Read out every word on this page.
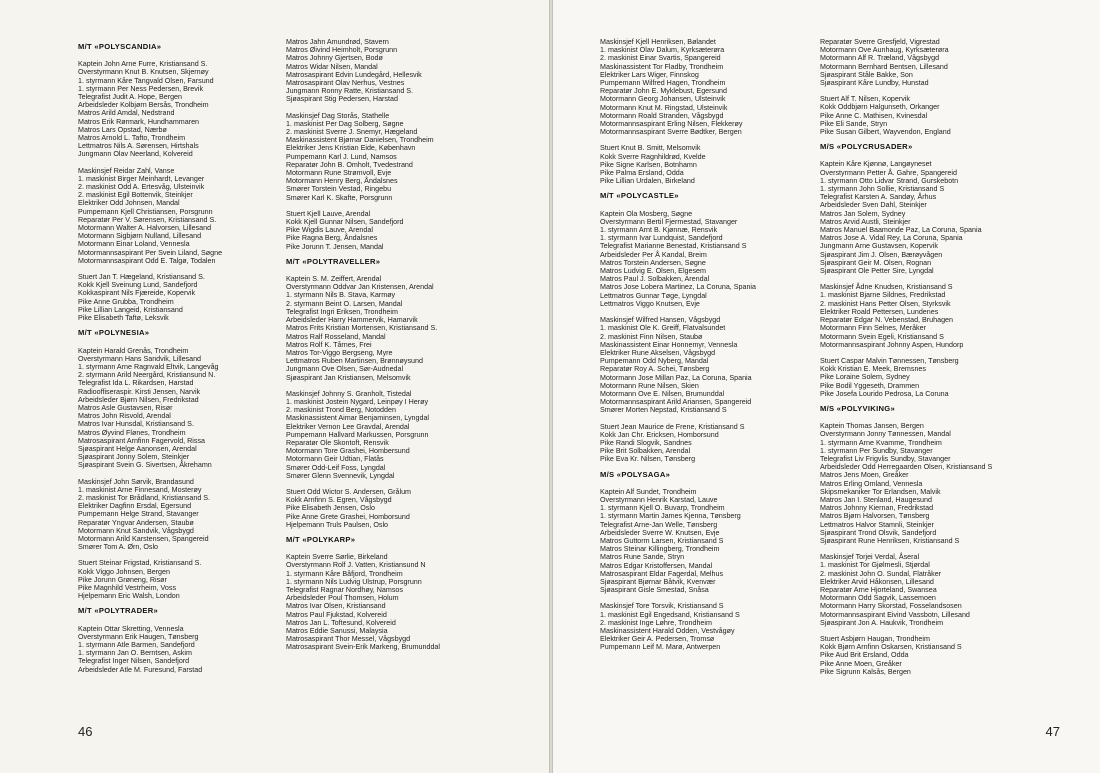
M/T «POLYSCANDIA»
Kaptein John Arne Furre, Kristiansand S.
Overstyrmann Knut B. Knutsen, Skjernøy
1. styrmann Kåre Tangvald Olsen, Farsund
1. styrmann Per Ness Pedersen, Brevik
Telegrafist Judit A. Hope, Bergen
Arbeidsleder Kolbjørn Bersås, Trondheim
Matros Arild Amdal, Nedstrand
Matros Erik Rørmark, Hundhammaren
Matros Lars Opstad, Nærbø
Matros Arnold L. Tafto, Trondheim
Lettmatros Nils A. Sørensen, Hirtshals
Jungmann Olav Neerland, Kolvereid
Maskinsjef Reidar Zahl, Vanse
1. maskinist Birger Meinhardt, Levanger
2. maskinist Odd A. Ertesvåg, Ulsteinvik
2. maskinist Egil Bottenvik, Steinkjer
Elektriker Odd Johnsen, Mandal
Pumpemann Kjell Christiansen, Porsgrunn
Reparatør Per V. Sørensen, Kristiansand S.
Motormann Walter A. Halvorsen, Lillesand
Motormann Sigbjørn Nulland, Lillesand
Motormann Einar Loland, Vennesla
Motormannsaspirant Per Svein Liland, Søgne
Motormannsaspirant Odd E. Talgø, Todalen
Stuert Jan T. Hægeland, Kristiansand S.
Kokk Kjell Sveinung Lund, Sandefjord
Kokkaspirant Nils Fjæreide, Kopervik
Pike Anne Grubba, Trondheim
Pike Lillian Langeid, Kristiansand
Pike Elisabeth Taftø, Leksvik
M/T «POLYNESIA»
Kaptein Harald Grenås, Trondheim
Overstyrmann Hans Sandvik, Lillesand
1. styrmann Arne Ragnvald Eltvik, Langevåg
2. styrmann Arild Neergård, Kristiansund N.
Telegrafist Ida L. Rikardsen, Harstad
Radiooffiseraspir. Kirsti Jensen, Narvik
Arbeidsleder Bjørn Nilsen, Fredrikstad
Matros Asle Gustavsen, Risør
Matros John Risvold, Arendal
Matros Ivar Hunsdal, Kristiansand S.
Matros Øyvind Flønes, Trondheim
Matrosaspirant Arnfinn Fagervold, Rissa
Sjøaspirant Helge Aanonsen, Arendal
Sjøaspirant Jonny Solem, Steinkjer
Sjøaspirant Svein G. Sivertsen, Åkrehamn
Maskinsjef John Sørvik, Brandasund
1. maskinist Arne Finnesand, Mosterøy
2. maskinist Tor Brådland, Kristiansand S.
Elektriker Dagfinn Ersdal, Egersund
Pumpemann Helge Strand, Stavanger
Reparatør Yngvar Andersen, Staubø
Motormann Knut Sandvik, Vågsbygd
Motormann Arild Karstensen, Spangereid
Smører Tom A. Ørn, Oslo
Stuert Steinar Frigstad, Kristiansand S.
Kokk Viggo Johnsen, Bergen
Pike Jorunn Grøneng, Risør
Pike Magnhild Vestrheim, Voss
Hjelpemann Eric Walsh, London
M/T «POLYTRADER»
Kaptein Ottar Skretting, Vennesla
Overstyrmann Erik Haugen, Tønsberg
1. styrmann Atle Barmen, Sandefjord
1. styrmann Jan O. Berntsen, Askim
Telegrafist Inger Nilsen, Sandefjord
Arbeidsleder Atle M. Furesund, Farstad
Matros Jahn Amundrød, Stavern
Matros Øivind Heimholt, Porsgrunn
Matros Johnny Gjertsen, Bodø
Matros Widar Nilsen, Mandal
Matrosaspirant Edvin Lundegård, Hellesvik
Matrosaspirant Olav Nerhus, Vestnes
Jungmann Ronny Ratte, Kristiansand S.
Sjøaspirant Stig Pedersen, Harstad
Maskinsjef Dag Storås, Stathelle
1. maskinist Per Dag Solberg, Søgne
2. maskinist Sverre J. Snemyr, Hægeland
Maskinassistent Bjørnar Danielsen, Trondheim
Elektriker Jens Kristian Eide, København
Pumpemann Karl J. Lund, Namsos
Reparatør John B. Omholt, Tvedestrand
Motormann Rune Strømvoll, Evje
Motormann Henry Berg, Åndalsnes
Smører Torstein Vestad, Ringebu
Smører Karl K. Skafte, Porsgrunn
Stuert Kjell Lauve, Arendal
Kokk Kjell Gunnar Nilsen, Sandefjord
Pike Wigdis Lauve, Arendal
Pike Ragna Berg, Åndalsnes
Pike Jorunn T. Jensen, Mandal
M/T «POLYTRAVELLER»
Kaptein S. M. Zeiffert, Arendal
Overstyrmann Oddvar Jan Kristensen, Arendal
1. styrmann Nils B. Stava, Karmøy
2. styrmann Beint O. Larsen, Mandal
Telegrafist Ingri Eriksen, Trondheim
Arbeidsleder Harry Hammervik, Hamarvik
Matros Frits Kristian Mortensen, Kristiansand S.
Matros Ralf Rosseland, Mandal
Matros Rolf K. Tårnes, Frei
Matros Tor-Viggo Bergseng, Myre
Lettmatros Ruben Martinsen, Brønnøysund
Jungmann Ove Olsen, Sør-Audnedal
Sjøaspirant Jan Kristiansen, Melsomvik
Maskinsjef Johnny S. Granholt, Tistedal
1. maskinist Jostein Nygard, Leinpøy I Herøy
2. maskinist Trond Berg, Notodden
Maskinassistent Aimar Benjaminsen, Lyngdal
Elektriker Vernon Lee Gravdal, Arendal
Pumpemann Hallvard Markussen, Porsgrunn
Reparatør Ole Skontoft, Rensvik
Motormann Tore Grashei, Hombersund
Motormann Geir Udtian, Flatås
Smører Odd-Leif Foss, Lyngdal
Smører Glenn Svennevik, Lyngdal
Stuert Odd Wictor S. Andersen, Grålum
Kokk Arnfinn S. Egren, Vågsbygd
Pike Elisabeth Jensen, Oslo
Pike Anne Grete Grashei, Homborsund
Hjelpemann Truls Paulsen, Oslo
M/T «POLYKARP»
Kaptein Sverre Sørlie, Birkeland
Overstyrmann Rolf J. Vatten, Kristiansund N
1. styrmann Kåre Båfjord, Trondheim
1. styrmann Nils Ludvig Ulstrup, Porsgrunn
Telegrafist Ragnar Nordhøy, Namsos
Arbeidsleder Poul Thomsen, Holum
Matros Ivar Olsen, Kristiansand
Matros Paul Fjukstad, Kolvereid
Matros Jan L. Toftesund, Kolvereid
Matros Eddie Sanussi, Malaysia
Matrosaspirant Thor Messel, Vågsbygd
Matrosaspirant Svein-Erik Markeng, Brumunddal
46
Maskinsjef Kjell Henriksen, Bølandet
1. maskinist Olav Dalum, Kyrksæterøra
2. maskinist Einar Svartis, Spangereid
Maskinassistent Tor Fladby, Trondheim
Elektriker Lars Wiger, Finnskog
Pumpemann Wilfred Hagen, Trondheim
Reparatør John E. Myklebust, Egersund
Motormann Georg Johansen, Ulsteinvik
Motormann Knut M. Ringstad, Ulsteinvik
Motormann Roald Stranden, Vågsbygd
Motormannsaspirant Erling Nilsen, Flekkerøy
Motormannsaspirant Sverre Bødtker, Bergen
Stuert Knut B. Smitt, Melsomvik
Kokk Sverre Ragnhildrød, Kvelde
Pike Signe Karlsen, Botnhamn
Pike Palma Ersland, Odda
Pike Lillian Urdalen, Birkeland
M/T «POLYCASTLE»
Kaptein Ola Mosberg, Søgne
Overstyrmann Bertil Fjermestad, Stavanger
1. styrmann Arnt B. Kjønnæ, Rensvik
1. styrmann Ivar Lundquist, Sandefjord
Telegrafist Marianne Benestad, Kristiansand S
Arbeidsleder Per Å Kandal, Breim
Matros Torstein Andersen, Søgne
Matros Ludvig E. Olsen, Elgesem
Matros Paul J. Solbakken, Arendal
Matros Jose Lobera Martinez, La Coruna, Spania
Lettmatros Gunnar Tøge, Lyngdal
Lettmatros Viggo Knutsen, Evje
Maskinsjef Wilfred Hansen, Vågsbygd
1. maskinist Ole K. Greiff, Flatvalsundet
2. maskinist Finn Nilsen, Staubø
Maskinassistent Einar Honnemyr, Vennesla
Elektriker Rune Akselsen, Vågsbygd
Pumpemann Odd Nyberg, Mandal
Reparatør Roy A. Schei, Tønsberg
Motormann Jose Millan Paz, La Coruna, Spania
Motormann Rune Nilsen, Skien
Motormann Ove E. Nilsen, Brumunddal
Motormannsaspirant Arild Ariansen, Spangereid
Smører Morten Nepstad, Kristiansand S
Stuert Jean Maurice de Frene, Kristiansand S
Kokk Jan Chr. Ericksen, Homborsund
Pike Randi Slogvik, Sandnes
Pike Brit Solbakken, Arendal
Pike Eva Kr. Nilsen, Tønsberg
M/S «POLYSAGA»
Kaptein Alf Sundet, Trondheim
Overstyrmann Henrik Karstad, Lauve
1. styrmann Kjell O. Buvarp, Trondheim
1. styrmann Martin James Kjenna, Tønsberg
Telegrafist Arne-Jan Welle, Tønsberg
Arbeidsleder Sverre W. Knutsen, Evje
Matros Guttorm Larsen, Kristiansand S
Matros Steinar Killingberg, Trondheim
Matros Rune Sande, Stryn
Matros Edgar Kristoffersen, Mandal
Matrosaspirant Eldar Fagerdal, Melhus
Sjøaspirant Bjørnar Båtvik, Kvenvær
Sjøaspirant Gisle Smestad, Snåsa
Maskinsjef Tore Torsvik, Kristiansand S
1. maskinist Egil Engedsand, Kristiansand S
2. maskinist Inge Løhre, Trondheim
Maskinassistent Harald Odden, Vestvågøy
Elektriker Geir A. Pedersen, Tromsø
Pumpemann Leif M. Marø, Antwerpen
Reparatør Sverre Gresfjeld, Vigrestad
Motormann Ove Aunhaug, Kyrksæterøra
Motormann Alf R. Træland, Vågsbygd
Motormann Bernhard Bentsen, Lillesand
Sjøaspirant Ståle Bakke, Son
Sjøaspirant Kåre Lundby, Hunstad
Stuert Alf T. Nilsen, Kopervik
Kokk Oddbjørn Halgunseth, Orkanger
Pike Anne C. Mathisen, Kvinesdal
Pike Eli Sande, Stryn
Pike Susan Gilbert, Wayvendon, England
M/S «POLYCRUSADER»
Kaptein Kåre Kjønnø, Langøyneset
Overstyrmann Petter Å. Gahre, Spangereid
1. styrmann Otto Lidvar Strand, Gurskebotn
1. styrmann John Sollie, Kristiansand S
Telegrafist Karsten A. Sandøy, Århus
Arbeidsleder Sven Dahl, Steinkjer
Matros Jan Solem, Sydney
Matros Arvid Austli, Steinkjer
Matros Manuel Baamonde Paz, La Coruna, Spania
Matros Jose A. Vidal Rey, La Coruna, Spania
Jungmann Arne Gustavsen, Kopervik
Sjøaspirant Jim J. Olsen, Bærøyvågen
Sjøaspirant Geir M. Olsen, Rognan
Sjøaspirant Ole Petter Sire, Lyngdal
Maskinsjef Ådne Knudsen, Kristiansand S
1. maskinist Bjarne Sildnes, Fredrikstad
2. maskinist Hans Petter Olsen, Styrksvik
Elektriker Roald Pettersen, Lundenes
Reparatør Edgar N. Vebenstad, Bruhagen
Motormann Finn Selnes, Meråker
Motormann Svein Egeli, Kristiansand S
Motormannsaspirant Johnny Aspen, Hundorp
Stuert Caspar Malvin Tønnessen, Tønsberg
Kokk Kristian E. Meek, Bremsnes
Pike Loraine Solem, Sydney
Pike Bodil Yggeseth, Drammen
Pike Josefa Lourido Pedrosa, La Coruna
M/S «POLYVIKING»
Kaptein Thomas Jansen, Bergen
Overstyrmann Jonny Tønnessen, Mandal
1. styrmann Arne Kvamme, Trondheim
1. styrmann Per Sundby, Stavanger
Telegrafist Liv Frigvlis Sundby, Stavanger
Arbeidsleder Odd Herregaarden Olsen, Kristiansand S
Matros Jens Moen, Greåker
Matros Erling Omland, Vennesla
Skipsmekaniker Tor Erlandsen, Malvik
Matros Jan I. Stenland, Haugesund
Matros Johnny Kiernan, Fredrikstad
Matros Bjørn Halvorsen, Tønsberg
Lettmatros Halvor Stamnli, Steinkjer
Sjøaspirant Trond Olsvik, Sandefjord
Sjøaspirant Rune Henriksen, Kristiansand S
Maskinsjef Torjei Verdal, Åseral
1. maskinist Tor Gjølmesli, Stjørdal
2. maskinist John O. Sundal, Flatråker
Elektriker Arvid Håkonsen, Lillesand
Reparatør Arne Hjorteland, Swansea
Motormann Odd Sagvik, Lassemoen
Motormann Harry Skorstad, Fosselandsosen
Motormannsaspirant Eivind Vassbotn, Lillesand
Sjøaspirant Jon A. Haukvik, Trondheim
Stuert Asbjørn Haugan, Trondheim
Kokk Bjørn Arnfinn Oskarsen, Kristiansand S
Pike Aud Brit Ersland, Odda
Pike Anne Moen, Greåker
Pike Sigrunn Kalsås, Bergen
47
